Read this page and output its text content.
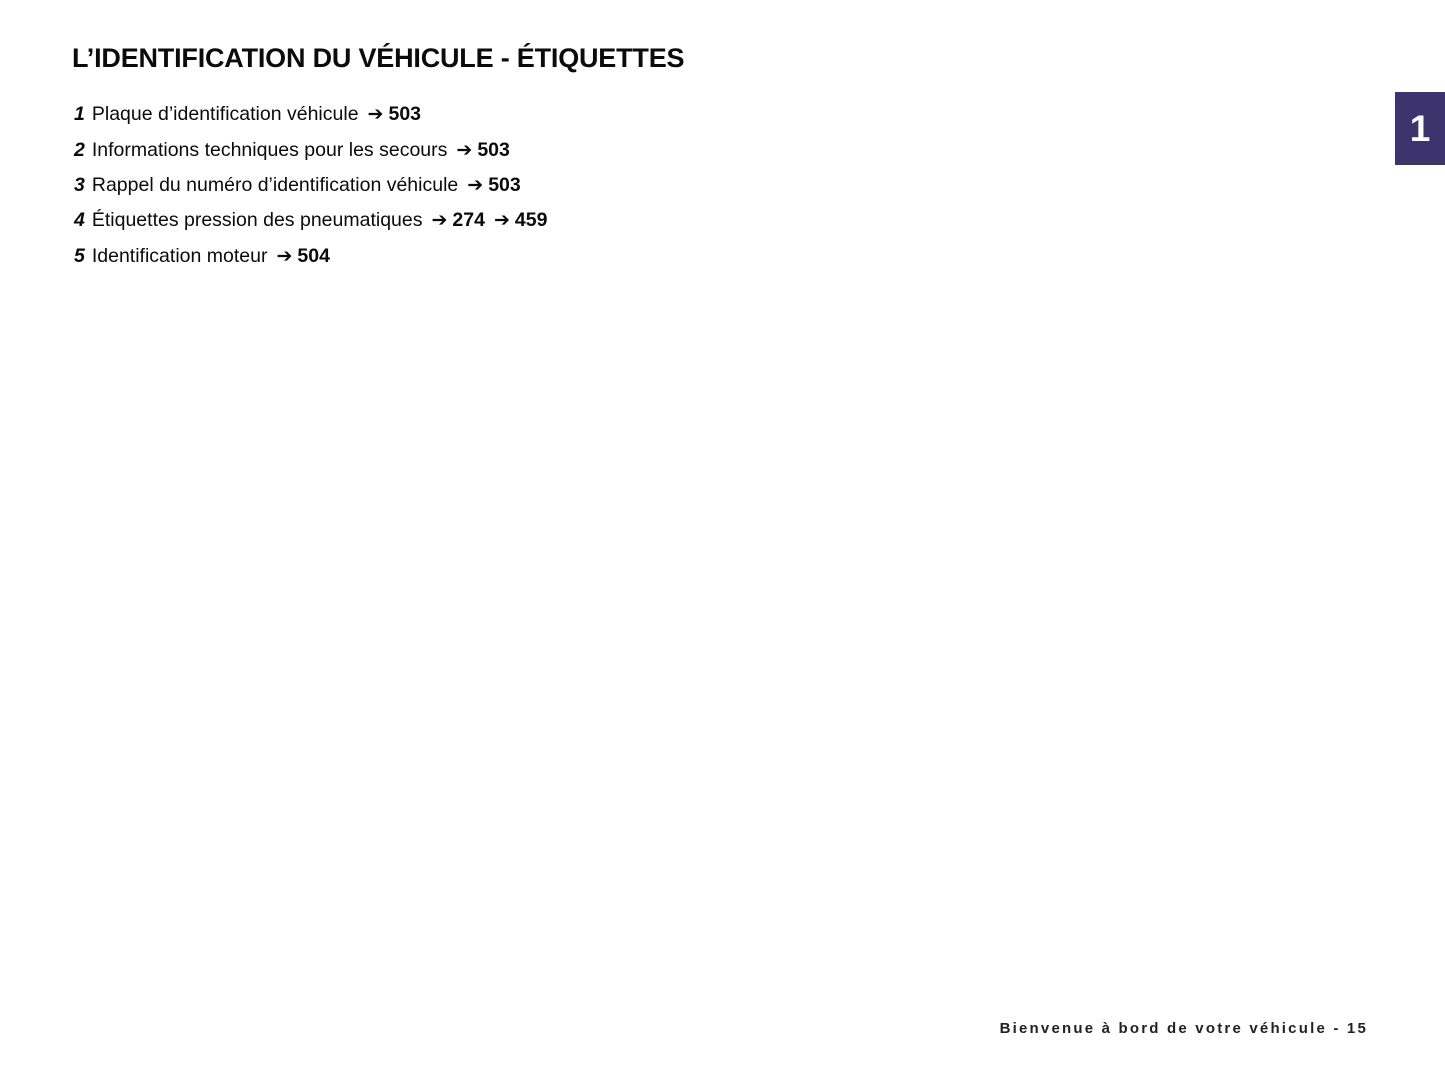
L’IDENTIFICATION DU VÉHICULE - ÉTIQUETTES
1 Plaque d’identification véhicule ➔ 503
2 Informations techniques pour les secours ➔ 503
3 Rappel du numéro d’identification véhicule ➔ 503
4 Étiquettes pression des pneumatiques ➔ 274 ➔ 459
5 Identification moteur ➔ 504
1
Bienvenue à bord de votre véhicule - 15
